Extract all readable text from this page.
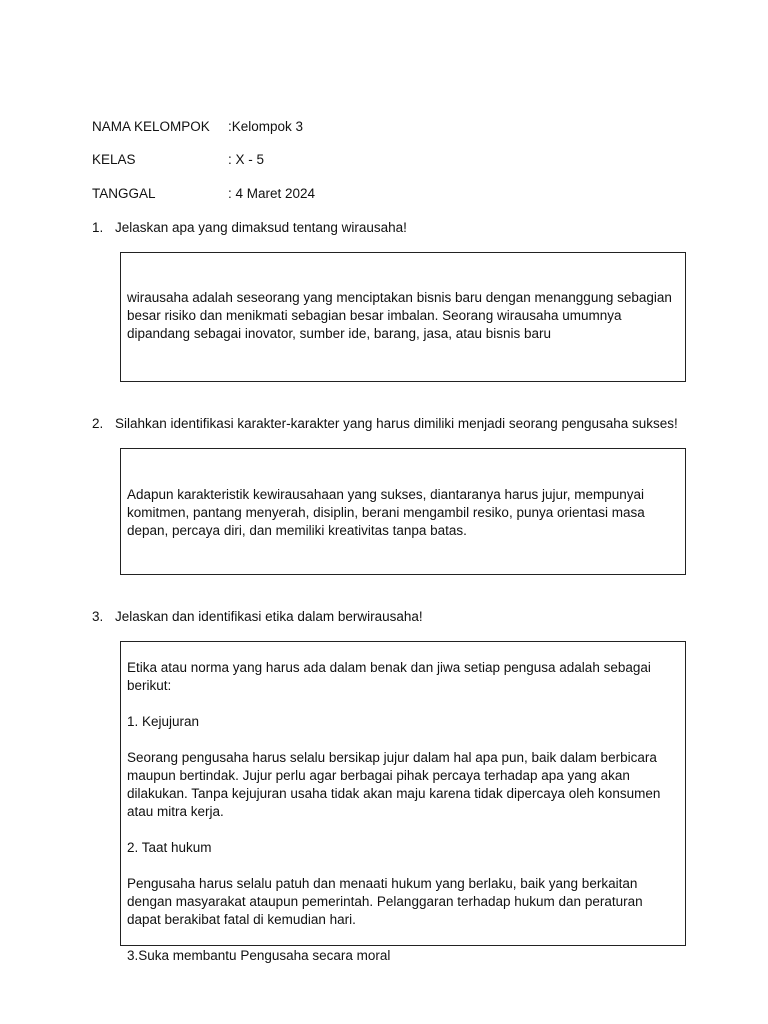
NAMA KELOMPOK :Kelompok 3
KELAS	: X - 5
TANGGAL	: 4 Maret 2024
1. Jelaskan apa yang dimaksud tentang wirausaha!

wirausaha adalah seseorang yang menciptakan bisnis baru dengan menanggung sebagian besar risiko dan menikmati sebagian besar imbalan. Seorang wirausaha umumnya dipandang sebagai inovator, sumber ide, barang, jasa, atau bisnis baru

2. Silahkan identifikasi karakter-karakter yang harus dimiliki menjadi seorang pengusaha sukses!

Adapun karakteristik kewirausahaan yang sukses, diantaranya harus jujur, mempunyai komitmen, pantang menyerah, disiplin, berani mengambil resiko, punya orientasi masa depan, percaya diri, dan memiliki kreativitas tanpa batas.

3. Jelaskan dan identifikasi etika dalam berwirausaha!

Etika atau norma yang harus ada dalam benak dan jiwa setiap pengusa adalah sebagai berikut:

1. Kejujuran

Seorang pengusaha harus selalu bersikap jujur dalam hal apa pun, baik dalam berbicara maupun bertindak. Jujur perlu agar berbagai pihak percaya terhadap apa yang akan dilakukan. Tanpa kejujuran usaha tidak akan maju karena tidak dipercaya oleh konsumen atau mitra kerja.

2. Taat hukum

Pengusaha harus selalu patuh dan menaati hukum yang berlaku, baik yang berkaitan dengan masyarakat ataupun pemerintah. Pelanggaran terhadap hukum dan peraturan dapat berakibat fatal di kemudian hari.

3.Suka membantu Pengusaha secara moral
